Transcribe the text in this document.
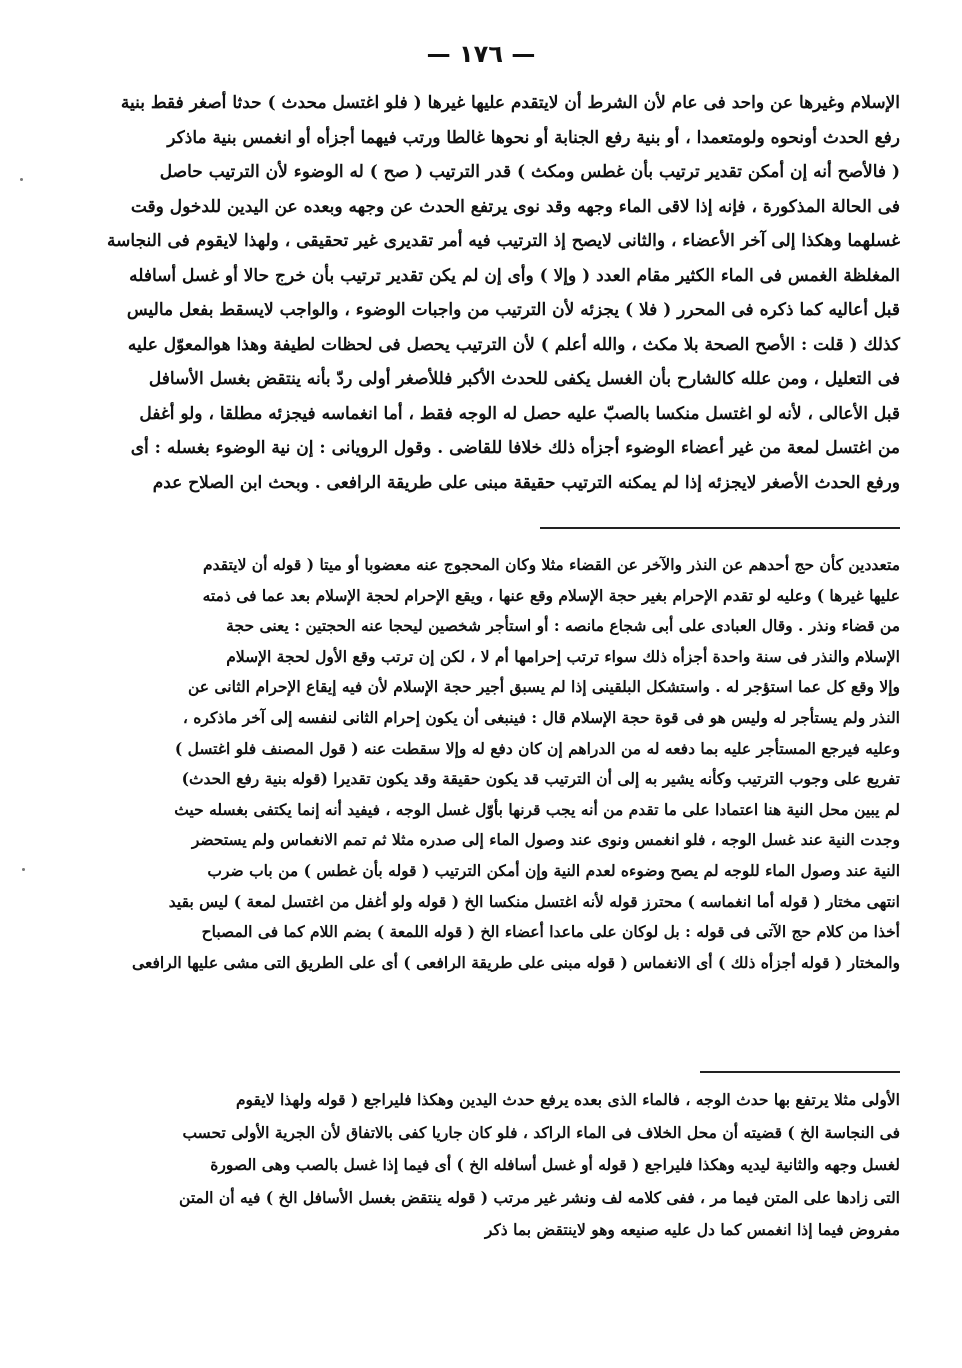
— ١٧٦ —
الإسلام وغيرها عن واحد فى عام لأن الشرط أن لايتقدم عليها غيرها ( فلو اغتسل محدث ) حدثا أصغر فقط بنية
رفع الحدث أونحوه ولومتعمدا ، أو بنية رفع الجنابة أو نحوها غالطا ورتب فيهما أجزأه أو انغمس بنية ماذكر
( فالأصح أنه إن أمكن تقدير ترتيب بأن غطس ومكث ) قدر الترتيب ( صح ) له الوضوء لأن الترتيب حاصل
فى الحالة المذكورة ، فإنه إذا لاقى الماء وجهه وقد نوى يرتفع الحدث عن وجهه وبعده عن اليدين للدخول وقت
غسلهما وهكذا إلى آخر الأعضاء ، والثانى لايصح إذ الترتيب فيه أمر تقديرى غير تحقيقى ، ولهذا لايقوم فى النجاسة
المغلظة الغمس فى الماء الكثير مقام العدد ( وإلا ) وأى إن لم يكن تقدير ترتيب بأن خرج حالا أو غسل أسافله
قبل أعاليه كما ذكره فى المحرر ( فلا ) يجزئه لأن الترتيب من واجبات الوضوء ، والواجب لايسقط بفعل ماليس
كذلك ( قلت : الأصح الصحة بلا مكث ، والله أعلم ) لأن الترتيب يحصل فى لحظات لطيفة وهذا هوالمعوّل عليه
فى التعليل ، ومن علله كالشارح بأن الغسل يكفى للحدث الأكبر فللأصغر أولى ردّ بأنه ينتقض بغسل الأسافل
قبل الأعالى ، لأنه لو اغتسل منكسا بالصبّ عليه حصل له الوجه فقط ، أما انغماسه فيجزئه مطلقا ، ولو أغفل
من اغتسل لمعة من غير أعضاء الوضوء أجزأه ذلك خلافا للقاضى . وقول الرويانى : إن نية الوضوء بغسله : أى
ورفع الحدث الأصغر لايجزئه إذا لم يمكنه الترتيب حقيقة مبنى على طريقة الرافعى . وبحث ابن الصلاح عدم
متعددين كأن حج أحدهم عن النذر والآخر عن القضاء مثلا وكان المحجوج عنه معضوبا أو ميتا ( قوله أن لايتقدم
عليها غيرها ) وعليه لو تقدم الإحرام بغير حجة الإسلام وقع عنها ، ويقع الإحرام لحجة الإسلام بعد عما فى ذمته
من قضاء ونذر . وقال العبادى على أبى شجاع مانصه : أو استأجر شخصين ليحجا عنه الحجتين : يعنى حجة
الإسلام والنذر فى سنة واحدة أجزأه ذلك سواء ترتب إحرامها أم لا ، لكن إن ترتب وقع الأول لحجة الإسلام
وإلا وقع كل عما استؤجر له . واستشكل البلقينى إذا لم يسبق أجير حجة الإسلام لأن فيه إيقاع الإحرام الثانى عن
النذر ولم يستأجر له وليس هو فى قوة حجة الإسلام قال : فينبغى أن يكون إحرام الثانى لنفسه إلى آخر ماذكره ،
وعليه فيرجع المستأجر عليه بما دفعه له من الدراهم إن كان دفع له وإلا سقطت عنه ( قول المصنف فلو اغتسل )
تفريع على وجوب الترتيب وكأنه يشير به إلى أن الترتيب قد يكون حقيقة وقد يكون تقديرا (قوله بنية رفع الحدث)
لم يبين محل النية هنا اعتمادا على ما تقدم من أنه يجب قرنها بأوّل غسل الوجه ، فيفيد أنه إنما يكتفى بغسله حيث
وجدت النية عند غسل الوجه ، فلو انغمس ونوى عند وصول الماء إلى صدره مثلا ثم تمم الانغماس ولم يستحضر
النية عند وصول الماء للوجه لم يصح وضوءه لعدم النية وإن أمكن الترتيب ( قوله بأن غطس ) من باب ضرب
انتهى مختار ( قوله أما انغماسه ) محترز قوله لأنه اغتسل منكسا الخ ( قوله ولو أغفل من اغتسل لمعة ) ليس بقيد
أخذا من كلام حج الآتى فى قوله : بل لوكان على ماعدا أعضاء الخ ( قوله اللمعة ) بضم اللام كما فى المصباح
والمختار ( قوله أجزأه ذلك ) أى الانغماس ( قوله مبنى على طريقة الرافعى ) أى على الطريق التى مشى عليها الرافعى
الأولى مثلا يرتفع بها حدث الوجه ، فالماء الذى بعده يرفع حدث اليدين وهكذا فليراجع ( قوله ولهذا لايقوم
فى النجاسة الخ ) قضيته أن محل الخلاف فى الماء الراكد ، فلو كان جاريا كفى بالاتفاق لأن الجرية الأولى تحسب
لغسل وجهه والثانية ليديه وهكذا فليراجع ( قوله أو غسل أسافله الخ ) أى فيما إذا غسل بالصب وهى الصورة
التى زادها على المتن فيما مر ، ففى كلامه لف ونشر غير مرتب ( قوله ينتقض بغسل الأسافل الخ ) فيه أن المتن
مفروض فيما إذا انغمس كما دل عليه صنيعه وهو لاينتقض بما ذكر
